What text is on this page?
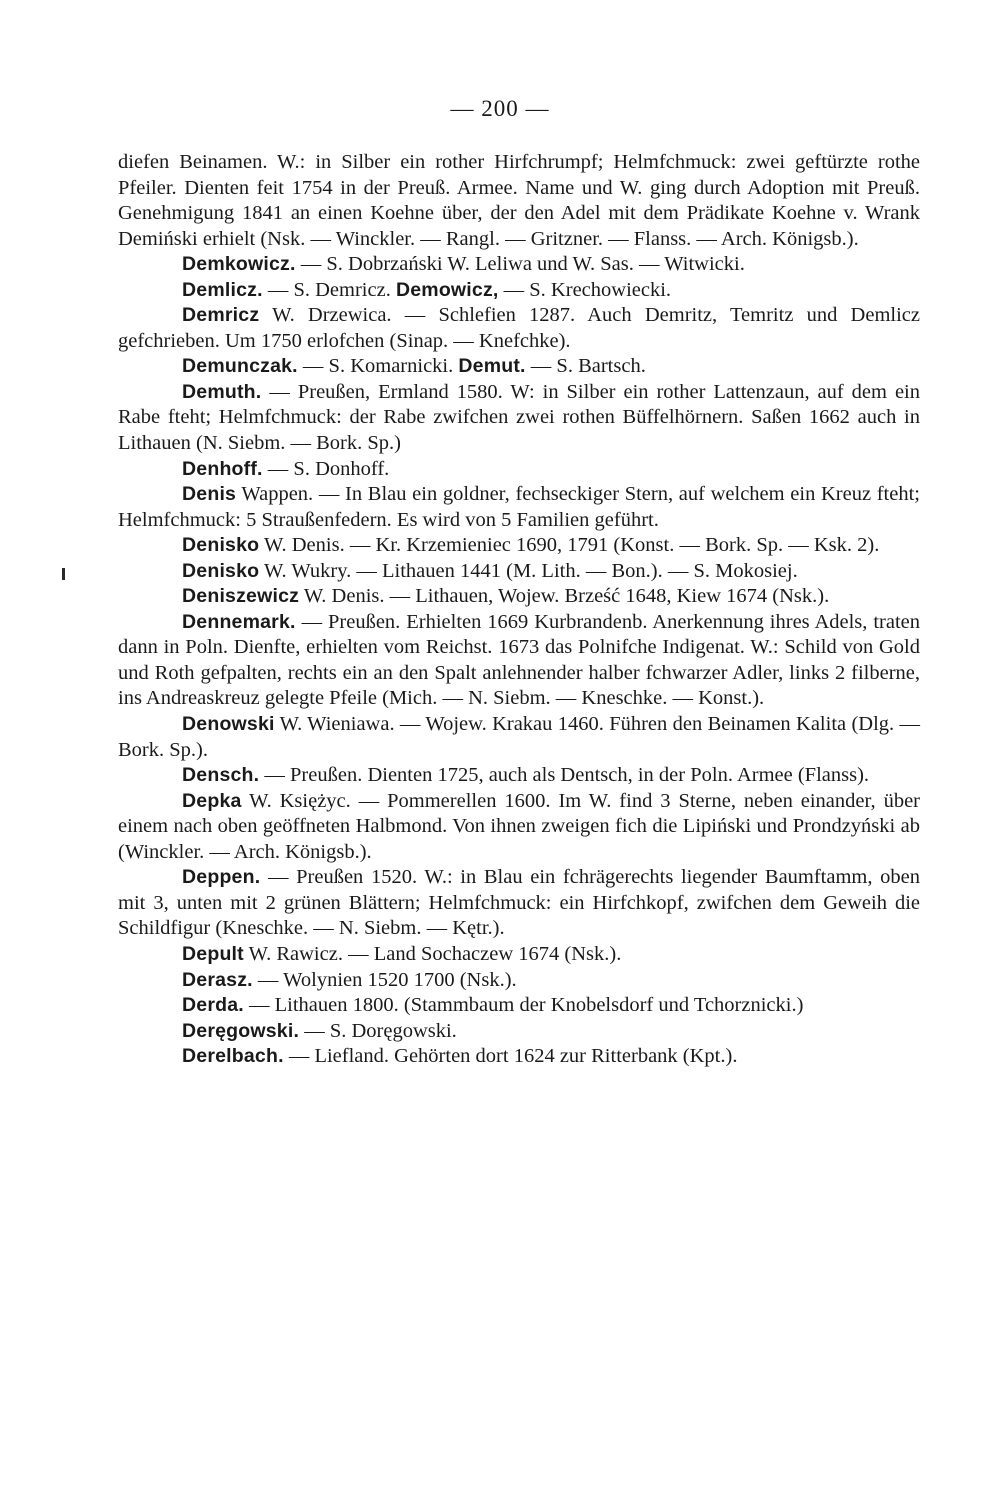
— 200 —

diefen Beinamen. W.: in Silber ein rother Hirfchrumpf; Helmfchmuck: zwei geftürzte rothe Pfeiler. Dienten feit 1754 in der Preuß. Armee. Name und W. ging durch Adoption mit Preuß. Genehmigung 1841 an einen Koehne über, der den Adel mit dem Prädikate Koehne v. Wrank Demiński erhielt (Nsk. — Winckler. — Rangl. — Gritzner. — Flanss. — Arch. Königsb.).

Demkowicz. — S. Dobrzański W. Leliwa und W. Sas. — Witwicki.

Demlicz. — S. Demricz. Demowicz, — S. Krechowiecki.

Demricz W. Drzewica. — Schlefien 1287. Auch Demritz, Temritz und Demlicz gefchrieben. Um 1750 erlofchen (Sinap. — Knefchke).

Demunczak. — S. Komarnicki. Demut. — S. Bartsch.

Demuth. — Preußen, Ermland 1580. W: in Silber ein rother Lattenzaun, auf dem ein Rabe fteht; Helmfchmuck: der Rabe zwifchen zwei rothen Büffelhörnern. Saßen 1662 auch in Lithauen (N. Siebm. — Bork. Sp.)

Denhoff. — S. Donhoff.

Denis Wappen. — In Blau ein goldner, fechseckiger Stern, auf welchem ein Kreuz fteht; Helmfchmuck: 5 Straußenfedern. Es wird von 5 Familien geführt.

Denisko W. Denis. — Kr. Krzemieniec 1690, 1791 (Konst. — Bork. Sp. — Ksk. 2).

Denisko W. Wukry. — Lithauen 1441 (M. Lith. — Bon.). — S. Mokosiej.

Deniszewicz W. Denis. — Lithauen, Wojew. Brześć 1648, Kiew 1674 (Nsk.).

Dennemark. — Preußen. Erhielten 1669 Kurbrandenb. Anerkennung ihres Adels, traten dann in Poln. Dienfte, erhielten vom Reichst. 1673 das Polnifche Indigenat. W.: Schild von Gold und Roth gefpalten, rechts ein an den Spalt anlehnender halber fchwarzer Adler, links 2 filberne, ins Andreaskreuz gelegte Pfeile (Mich. — N. Siebm. — Kneschke. — Konst.).

Denowski W. Wieniawa. — Wojew. Krakau 1460. Führen den Beinamen Kalita (Dlg. — Bork. Sp.).

Densch. — Preußen. Dienten 1725, auch als Dentsch, in der Poln. Armee (Flanss).

Depka W. Księżyc. — Pommerellen 1600. Im W. find 3 Sterne, neben einander, über einem nach oben geöffneten Halbmond. Von ihnen zweigen fich die Lipiński und Prondzyński ab (Winckler. — Arch. Königsb.).

Deppen. — Preußen 1520. W.: in Blau ein fchrägerechts liegender Baumftamm, oben mit 3, unten mit 2 grünen Blättern; Helmfchmuck: ein Hirfchkopf, zwifchen dem Geweih die Schildfigur (Kneschke. — N. Siebm. — Kętr.).

Depult W. Rawicz. — Land Sochaczew 1674 (Nsk.).

Derasz. — Wolynien 1520 1700 (Nsk.).

Derda. — Lithauen 1800. (Stammbaum der Knobelsdorf und Tchorznicki.)

Deręgowski. — S. Doręgowski.

Derelbach. — Liefland. Gehörten dort 1624 zur Ritterbank (Kpt.).
